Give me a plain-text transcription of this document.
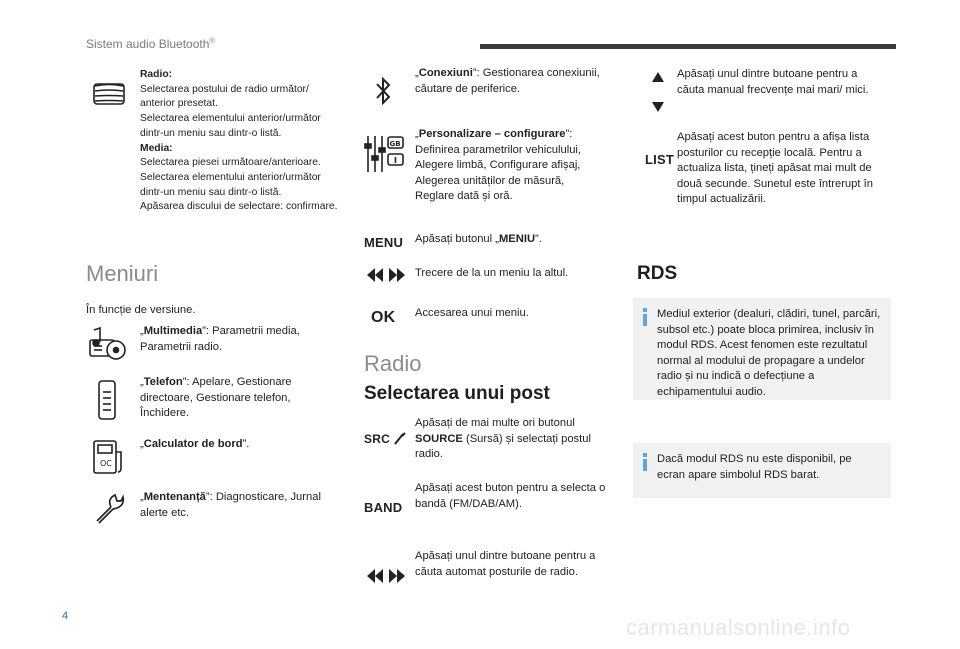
Sistem audio Bluetooth®
Radio:
Selectarea postului de radio următor/ anterior presetat.
Selectarea elementului anterior/următor dintr-un meniu sau dintr-o listă.
Media:
Selectarea piesei următoare/anterioare.
Selectarea elementului anterior/următor dintr-un meniu sau dintr-o listă.
Apăsarea discului de selectare: confirmare.
Meniuri
În funcție de versiune.
„Multimedia”: Parametrii media, Parametrii radio.
„Telefon”: Apelare, Gestionare directoare, Gestionare telefon, Închidere.
OC
„Calculator de bord”.
„Mentenanță”: Diagnosticare, Jurnal alerte etc.
„Conexiuni”: Gestionarea conexiunii, căutare de periferice.
GB
„Personalizare – configurare”: Definirea parametrilor vehiculului, Alegere limbă, Configurare afișaj, Alegerea unităților de măsură, Reglare dată și oră.
MENU Apăsați butonul „MENIU”.
Trecere de la un meniu la altul.
OK Accesarea unui meniu.
Radio
Selectarea unui post
SRC
Apăsați de mai multe ori butonul SOURCE (Sursă) și selectați postul radio.
BAND
Apăsați acest buton pentru a selecta o bandă (FM/DAB/AM).
Apăsați unul dintre butoane pentru a căuta automat posturile de radio.
Apăsați unul dintre butoane pentru a căuta manual frecvențe mai mari/ mici.
LIST
Apăsați acest buton pentru a afișa lista posturilor cu recepție locală. Pentru a actualiza lista, țineți apăsat mai mult de două secunde. Sunetul este întrerupt în timpul actualizării.
RDS
Mediul exterior (dealuri, clădiri, tunel, parcări, subsol etc.) poate bloca primirea, inclusiv în modul RDS. Acest fenomen este rezultatul normal al modului de propagare a undelor radio și nu indică o defecțiune a echipamentului audio.
Dacă modul RDS nu este disponibil, pe ecran apare simbolul RDS barat.
4	carmanualsonline.info
